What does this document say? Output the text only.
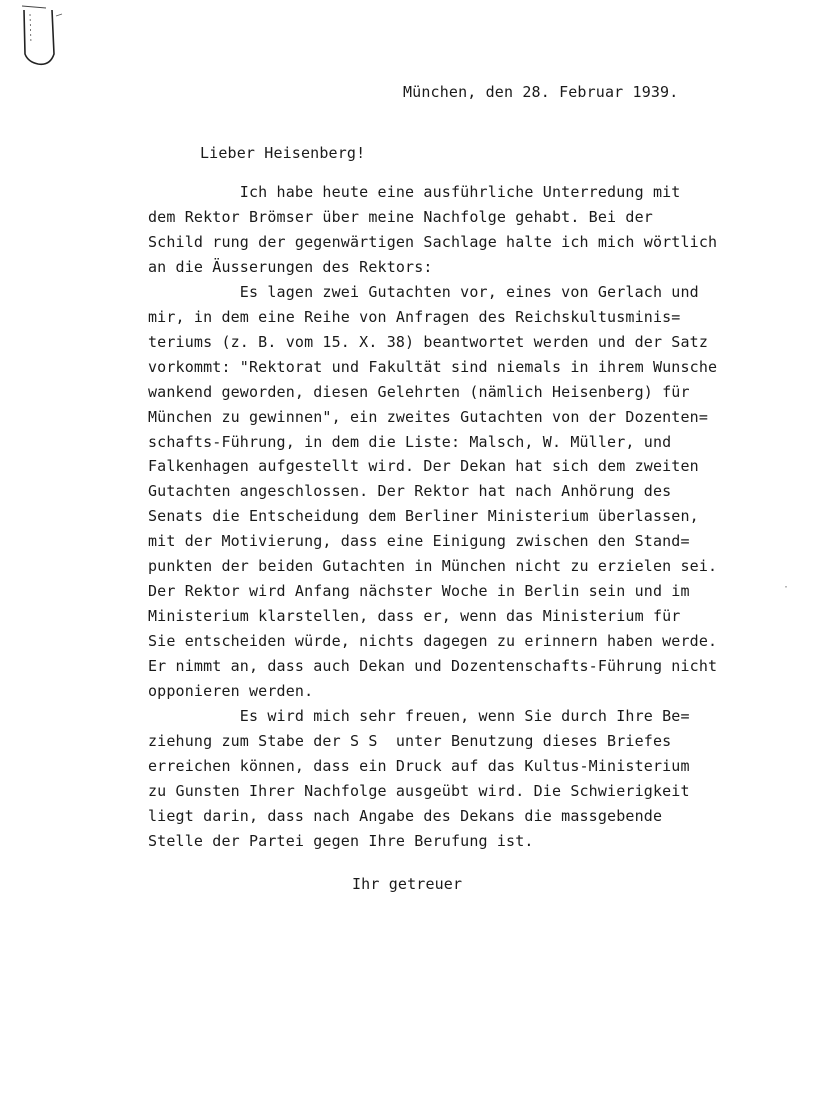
München, den 28. Februar 1939.
Lieber Heisenberg!
Ich habe heute eine ausführliche Unterredung mit
dem Rektor Brömser über meine Nachfolge gehabt. Bei der
Schild rung der gegenwärtigen Sachlage halte ich mich wörtlich
an die Äusserungen des Rektors:
Es lagen zwei Gutachten vor, eines von Gerlach und
mir, in dem eine Reihe von Anfragen des Reichskultusminis=
teriums (z. B. vom 15. X. 38) beantwortet werden und der Satz
vorkommt: "Rektorat und Fakultät sind niemals in ihrem Wunsche
wankend geworden, diesen Gelehrten (nämlich Heisenberg) für
München zu gewinnen", ein zweites Gutachten von der Dozenten=
schafts-Führung, in dem die Liste: Malsch, W. Müller, und
Falkenhagen aufgestellt wird. Der Dekan hat sich dem zweiten
Gutachten angeschlossen. Der Rektor hat nach Anhörung des
Senats die Entscheidung dem Berliner Ministerium überlassen,
mit der Motivierung, dass eine Einigung zwischen den Stand=
punkten der beiden Gutachten in München nicht zu erzielen sei.
Der Rektor wird Anfang nächster Woche in Berlin sein und im
Ministerium klarstellen, dass er, wenn das Ministerium für
Sie entscheiden würde, nichts dagegen zu erinnern haben werde.
Er nimmt an, dass auch Dekan und Dozentenschafts-Führung nicht
opponieren werden.
Es wird mich sehr freuen, wenn Sie durch Ihre Be=
ziehung zum Stabe der S S  unter Benutzung dieses Briefes
erreichen können, dass ein Druck auf das Kultus-Ministerium
zu Gunsten Ihrer Nachfolge ausgeübt wird. Die Schwierigkeit
liegt darin, dass nach Angabe des Dekans die massgebende
Stelle der Partei gegen Ihre Berufung ist.
Ihr getreuer
·
